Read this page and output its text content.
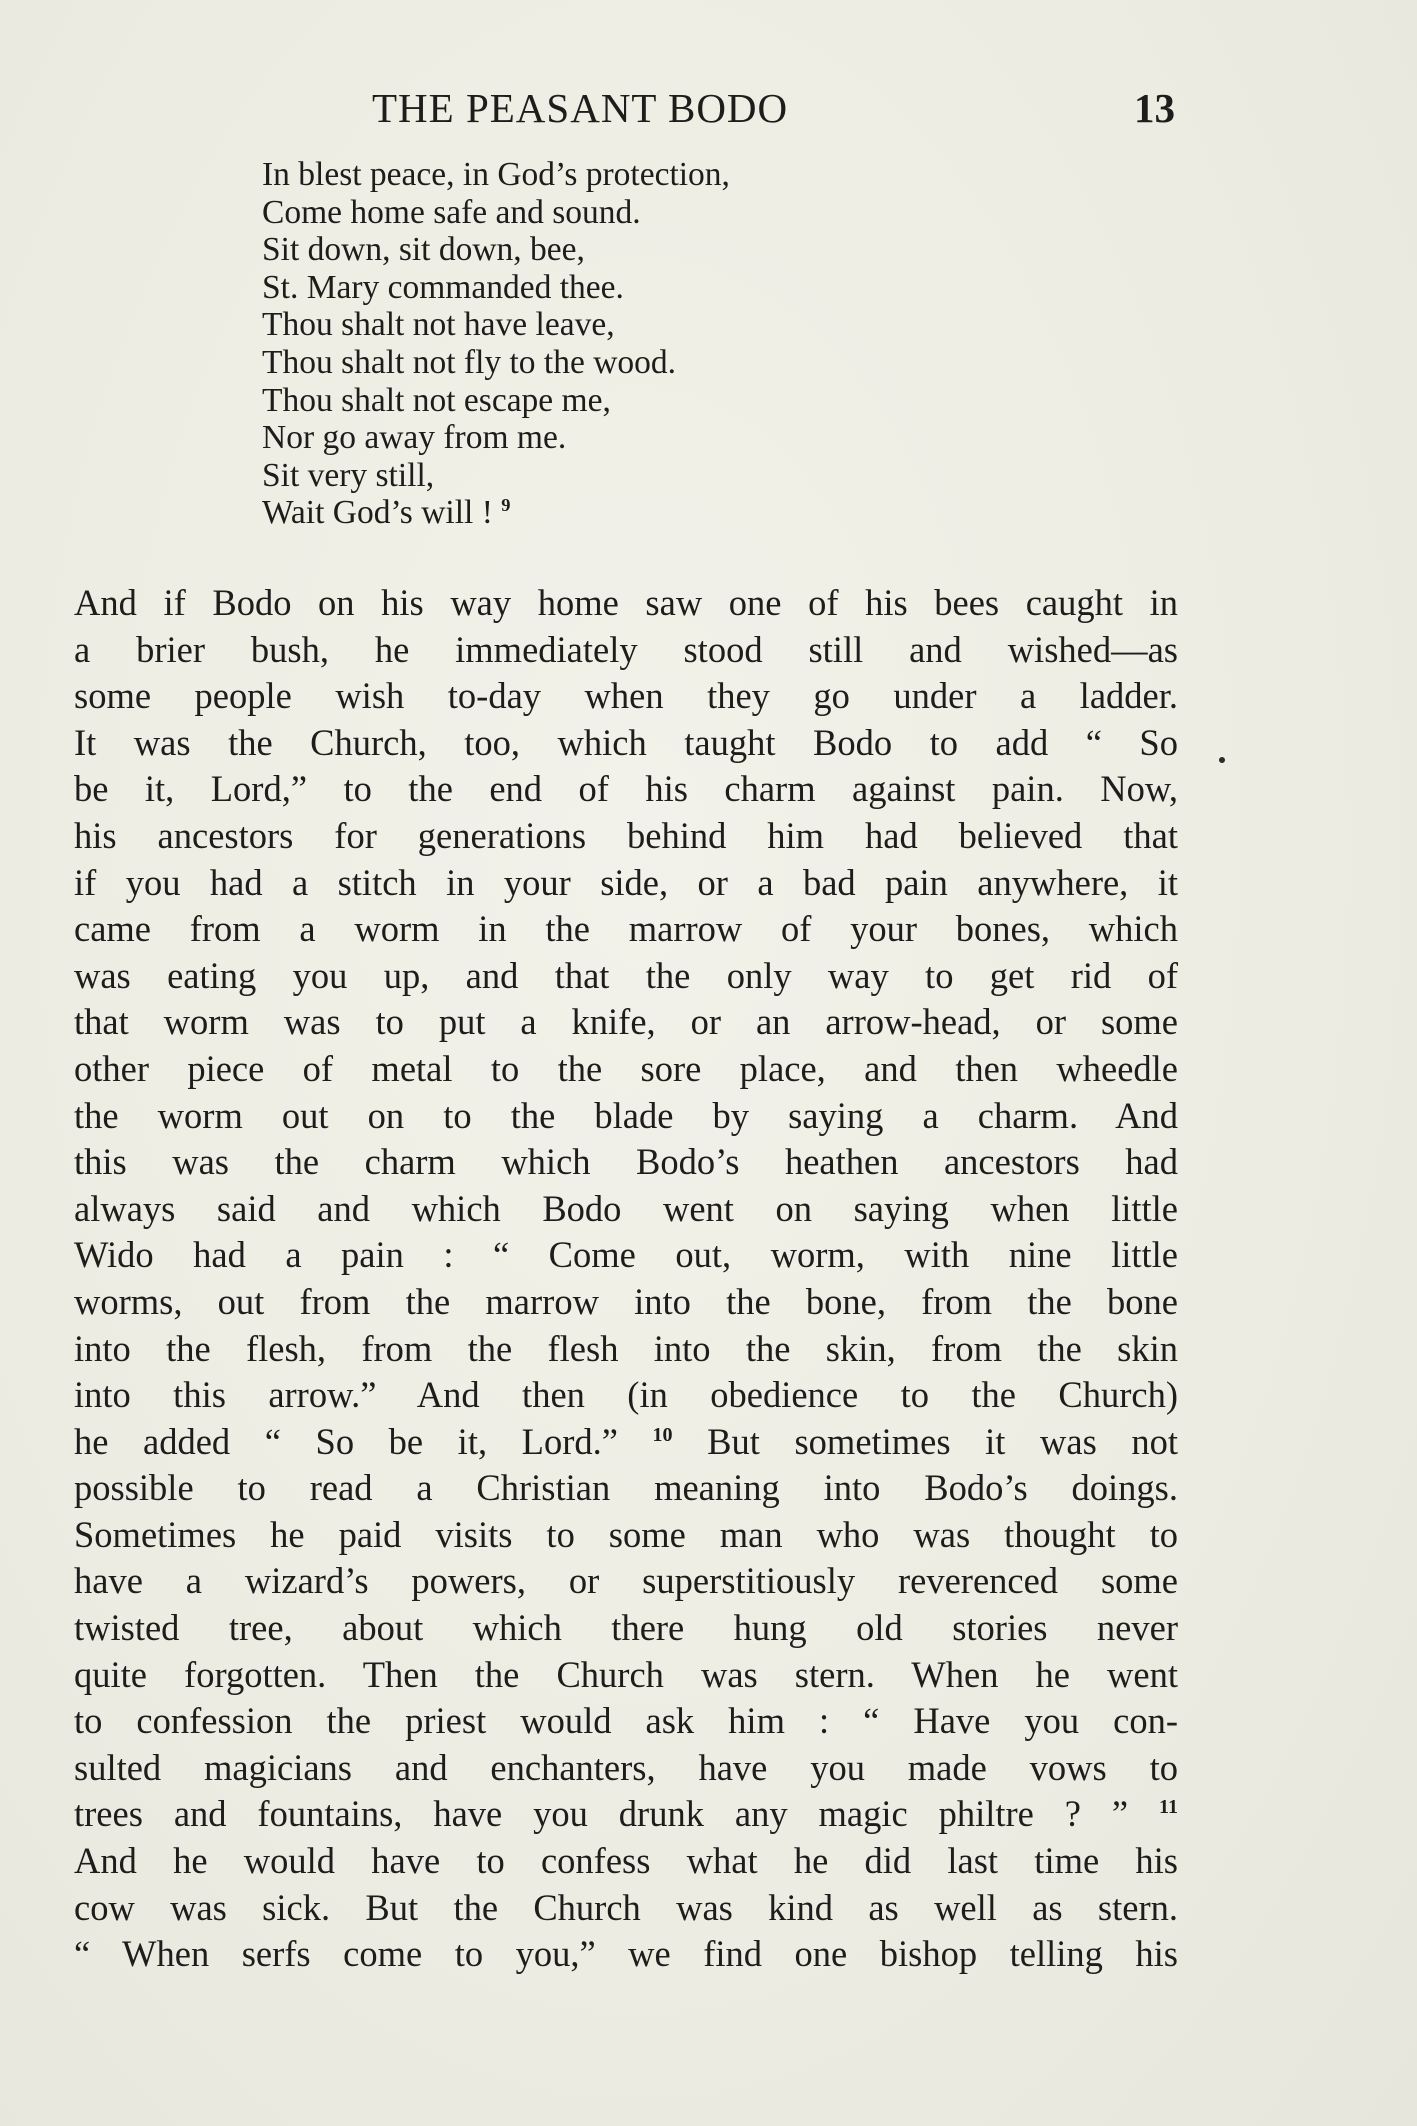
THE PEASANT BODO	13
In blest peace, in God’s protection,
Come home safe and sound.
Sit down, sit down, bee,
St. Mary commanded thee.
Thou shalt not have leave,
Thou shalt not fly to the wood.
Thou shalt not escape me,
Nor go away from me.
Sit very still,
Wait God’s will ! $^9$
And if Bodo on his way home saw one of his bees caught in
a brier bush, he immediately stood still and wished—as
some people wish to-day when they go under a ladder.
It was the Church, too, which taught Bodo to add “ So
be it, Lord,” to the end of his charm against pain. Now,
his ancestors for generations behind him had believed that
if you had a stitch in your side, or a bad pain anywhere, it
came from a worm in the marrow of your bones, which
was eating you up, and that the only way to get rid of
that worm was to put a knife, or an arrow-head, or some
other piece of metal to the sore place, and then wheedle
the worm out on to the blade by saying a charm. And
this was the charm which Bodo’s heathen ancestors had
always said and which Bodo went on saying when little
Wido had a pain : “ Come out, worm, with nine little
worms, out from the marrow into the bone, from the bone
into the flesh, from the flesh into the skin, from the skin
into this arrow.” And then (in obedience to the Church)
he added “ So be it, Lord.” $^{10}$ But sometimes it was not
possible to read a Christian meaning into Bodo’s doings.
Sometimes he paid visits to some man who was thought to
have a wizard’s powers, or superstitiously reverenced some
twisted tree, about which there hung old stories never
quite forgotten. Then the Church was stern. When he went
to confession the priest would ask him : “ Have you con-
sulted magicians and enchanters, have you made vows to
trees and fountains, have you drunk any magic philtre ? ” $^{11}$
And he would have to confess what he did last time his
cow was sick. But the Church was kind as well as stern.
“ When serfs come to you,” we find one bishop telling his
